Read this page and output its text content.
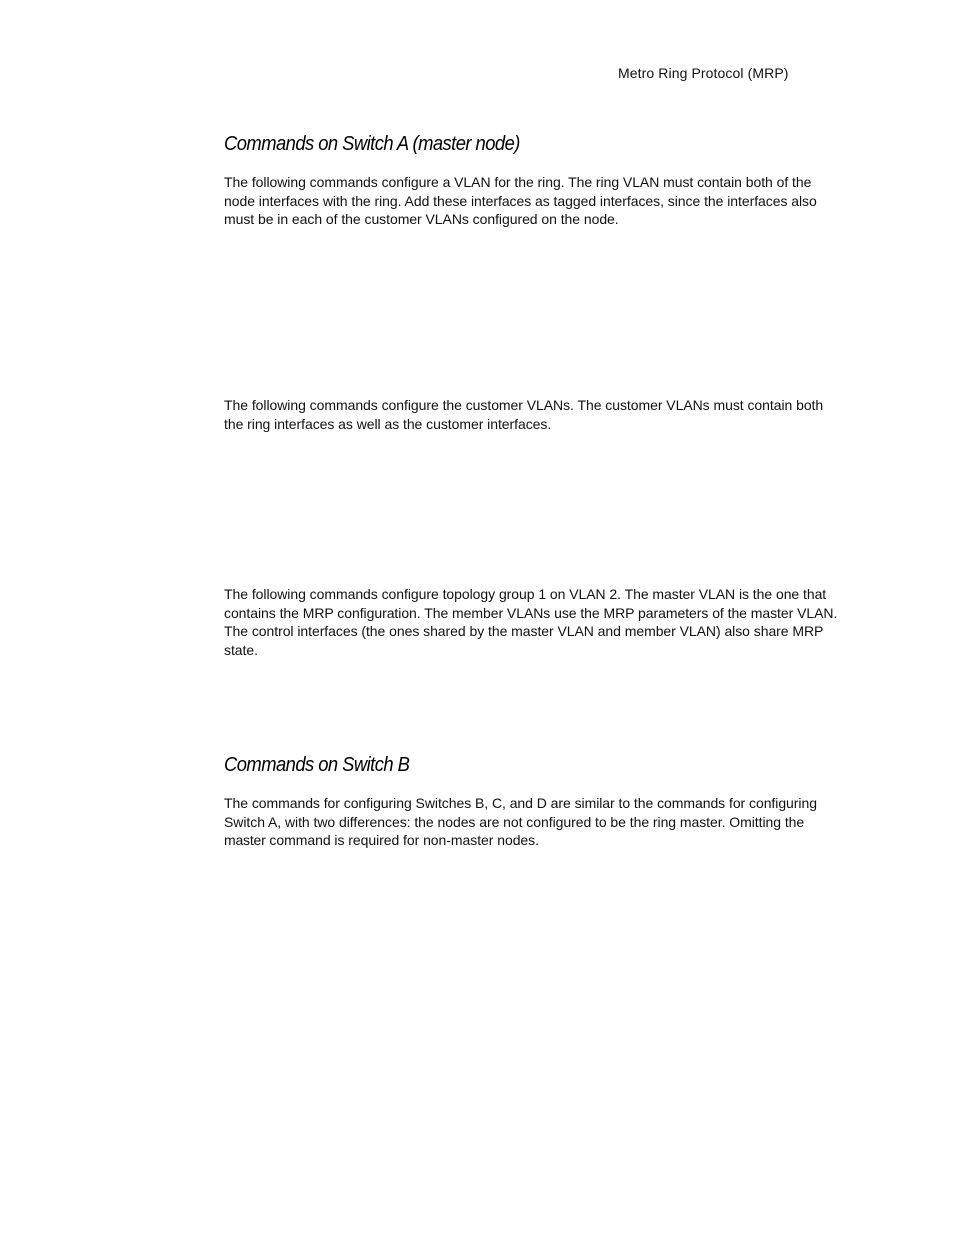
Metro Ring Protocol (MRP)
Commands on Switch A (master node)

The following commands configure a VLAN for the ring. The ring VLAN must contain both of the
node interfaces with the ring. Add these interfaces as tagged interfaces, since the interfaces also
must be in each of the customer VLANs configured on the node.

The following commands configure the customer VLANs. The customer VLANs must contain both
the ring interfaces as well as the customer interfaces.

The following commands configure topology group 1 on VLAN 2. The master VLAN is the one that
contains the MRP configuration. The member VLANs use the MRP parameters of the master VLAN.
The control interfaces (the ones shared by the master VLAN and member VLAN) also share MRP
state.

Commands on Switch B

The commands for configuring Switches B, C, and D are similar to the commands for configuring
Switch A, with two differences: the nodes are not configured to be the ring master. Omitting the
master command is required for non-master nodes.
